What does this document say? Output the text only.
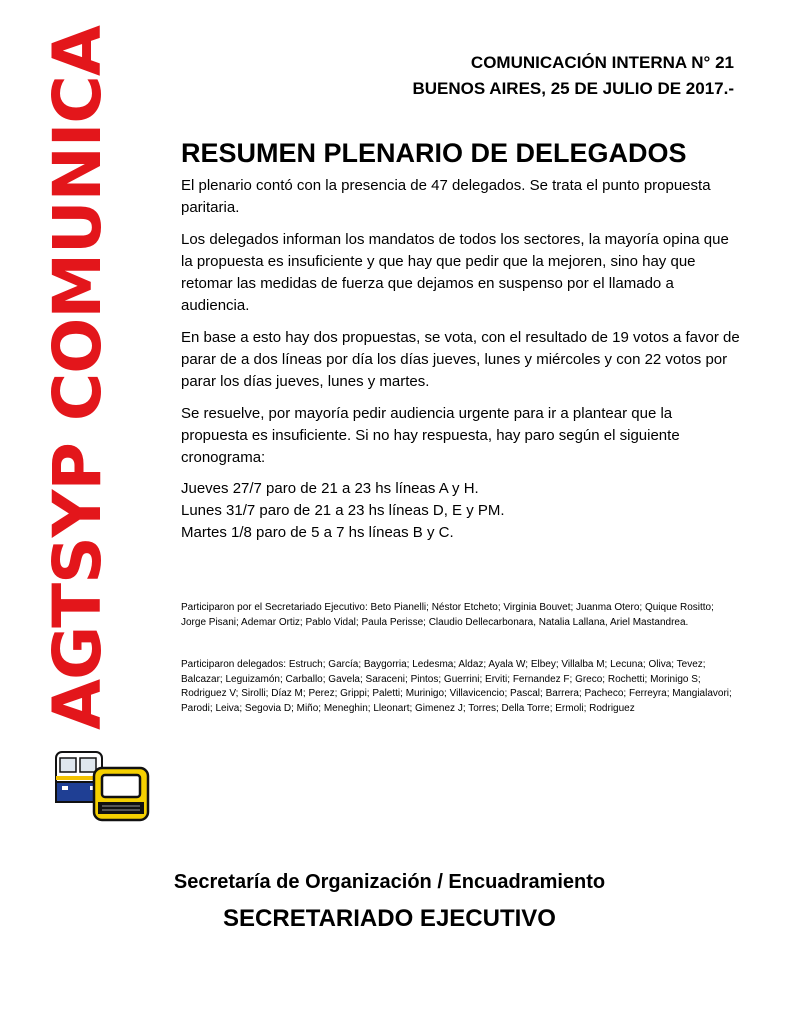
COMUNICACIÓN INTERNA N° 21
BUENOS AIRES, 25 DE JULIO DE 2017.-
AGTSYP COMUNICA RESUMEN PLENARIO DE DELEGADOS

El plenario contó con la presencia de 47 delegados. Se trata el punto propuesta paritaria.

Los delegados informan los mandatos de todos los sectores, la mayoría opina que la propuesta es insuficiente y que hay que pedir que la mejoren, sino hay que retomar las medidas de fuerza que dejamos en suspenso por el llamado a audiencia.

En base a esto hay dos propuestas, se vota, con el resultado de 19 votos a favor de parar de a dos líneas por día los días jueves, lunes y miércoles y con 22 votos por parar los días jueves, lunes y martes.

Se resuelve, por mayoría pedir audiencia urgente para ir a plantear que la propuesta es insuficiente. Si no hay respuesta, hay paro según el siguiente cronograma:

Jueves 27/7 paro de 21 a 23 hs líneas A y H.
Lunes 31/7 paro de 21 a 23 hs líneas D, E y PM.
Martes 1/8 paro de 5 a 7 hs líneas B y C.
Participaron por el Secretariado Ejecutivo: Beto Pianelli; Néstor Etcheto; Virginia Bouvet; Juanma Otero; Quique Rositto; Jorge Pisani; Ademar Ortiz; Pablo Vidal; Paula Perisse; Claudio Dellecarbonara, Natalia Lallana, Ariel Mastandrea.
Participaron delegados: Estruch; García; Baygorria; Ledesma; Aldaz; Ayala W; Elbey; Villalba M; Lecuna; Oliva; Tevez; Balcazar; Leguizamón; Carballo; Gavela; Saraceni; Pintos; Guerrini; Erviti; Fernandez F; Greco; Rochetti; Morinigo S; Rodriguez V; Sirolli; Díaz M; Perez; Grippi; Paletti; Murinigo; Villavicencio; Pascal; Barrera; Pacheco; Ferreyra; Mangialavori; Parodi; Leiva; Segovia D; Miño; Meneghin; Lleonart; Gimenez J; Torres; Della Torre; Ermoli; Rodriguez
Secretaría de Organización / Encuadramiento
SECRETARIADO EJECUTIVO
